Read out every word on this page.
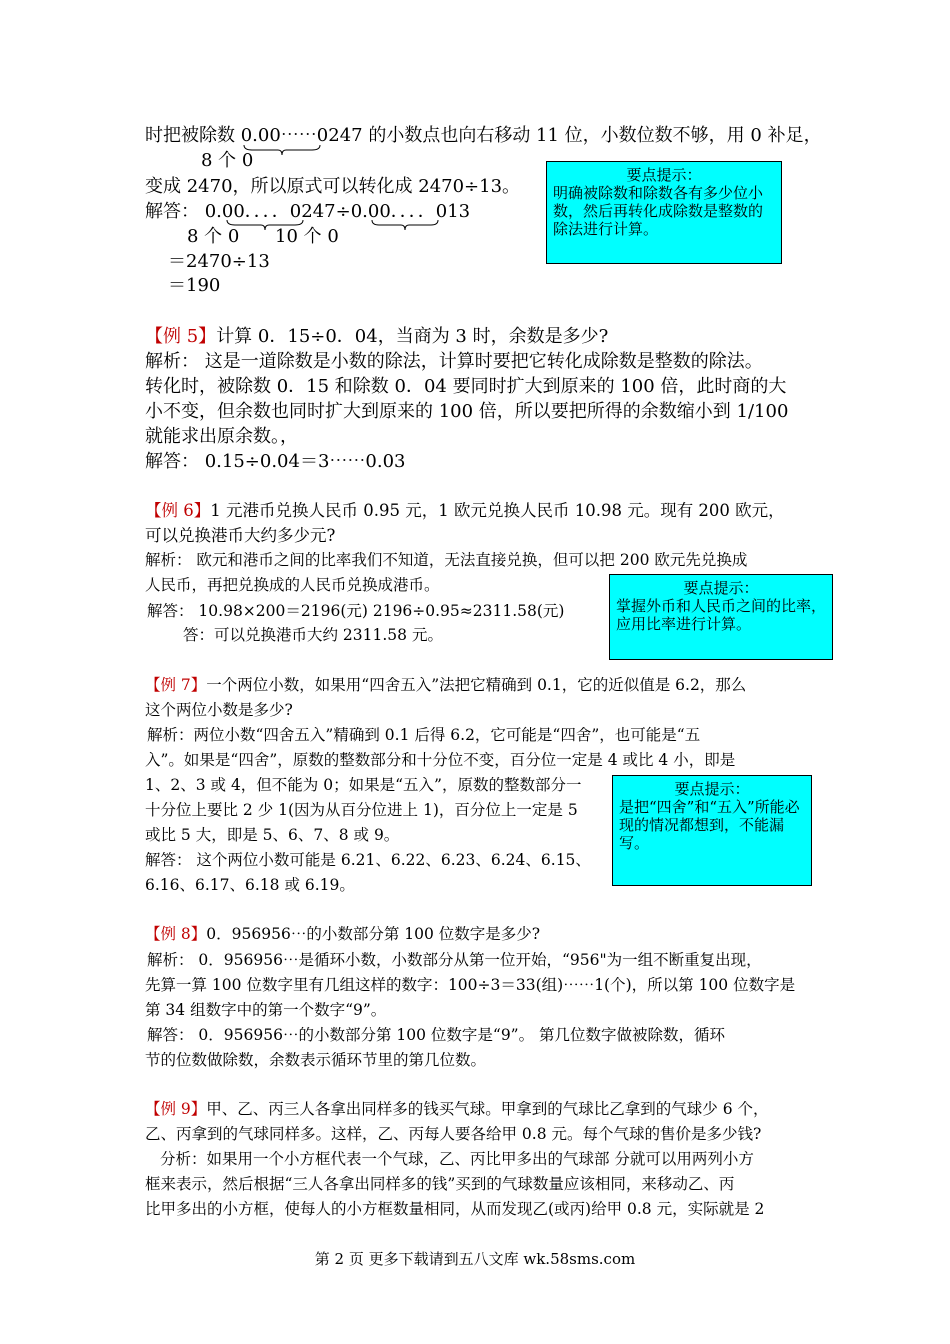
时把被除数 0.00⋯⋯0247 的小数点也向右移动 11 位，小数位数不够，用 0 补足，
8 个 0
变成 2470，所以原式可以转化成 2470÷13。
解答： 0.00．．．．0247÷0.00．．．．013
8 个 0 10 个 0
＝2470÷13
＝190
要点提示：
明确被除数和除数各有多少位小数，然后再转化成除数是整数的除法进行计算。
【例 5】计算 0．15÷0．04，当商为 3 时，余数是多少?
解析： 这是一道除数是小数的除法，计算时要把它转化成除数是整数的除法。
转化时，被除数 0．15 和除数 0．04 要同时扩大到原来的 100 倍，此时商的大
小不变，但余数也同时扩大到原来的 100 倍，所以要把所得的余数缩小到 1/100
就能求出原余数。，
解答： 0.15÷0.04＝3⋯⋯0.03
【例 6】1 元港币兑换人民币 0.95 元，1 欧元兑换人民币 10.98 元。现有 200 欧元，
可以兑换港币大约多少元?
解析： 欧元和港币之间的比率我们不知道，无法直接兑换，但可以把 200 欧元先兑换成
人民币，再把兑换成的人民币兑换成港币。
解答： 10.98×200＝2196(元) 2196÷0.95≈2311.58(元)
答：可以兑换港币大约 2311.58 元。
要点提示：
掌握外币和人民币之间的比率，应用比率进行计算。
【例 7】一个两位小数，如果用“四舍五入”法把它精确到 0.1，它的近似值是 6.2，那么
这个两位小数是多少?
解析：两位小数“四舍五入”精确到 0.1 后得 6.2，它可能是“四舍”，也可能是“五
入”。如果是“四舍”，原数的整数部分和十分位不变，百分位一定是 4 或比 4 小，即是
1、2、3 或 4，但不能为 0；如果是“五入”，原数的整数部分一
十分位上要比 2 少 1(因为从百分位进上 1)，百分位上一定是 5
或比 5 大，即是 5、6、7、8 或 9。
解答： 这个两位小数可能是 6.21、6.22、6.23、6.24、6.15、
6.16、6.17、6.18 或 6.19。
要点提示：
是把“四舍”和“五入”所能必现的情况都想到，不能漏写。
【例 8】0．956956⋯的小数部分第 100 位数字是多少?
解析： 0．956956⋯是循环小数，小数部分从第一位开始，“956"为一组不断重复出现，
先算一算 100 位数字里有几组这样的数字：100÷3＝33(组)⋯⋯1(个)，所以第 100 位数字是
第 34 组数字中的第一个数字“9”。
解答： 0．956956⋯的小数部分第 100 位数字是“9”。 第几位数字做被除数，循环
节的位数做除数，余数表示循环节里的第几位数。
【例 9】甲、乙、丙三人各拿出同样多的钱买气球。甲拿到的气球比乙拿到的气球少 6 个，
乙、丙拿到的气球同样多。这样，乙、丙每人要各给甲 0.8 元。每个气球的售价是多少钱?
分析：如果用一个小方框代表一个气球，乙、丙比甲多出的气球部 分就可以用两列小方
框来表示，然后根据“三人各拿出同样多的钱”买到的气球数量应该相同，来移动乙、丙
比甲多出的小方框，使每人的小方框数量相同，从而发现乙(或丙)给甲 0.8 元，实际就是 2
第 2 页 更多下载请到五八文库 wk.58sms.com
